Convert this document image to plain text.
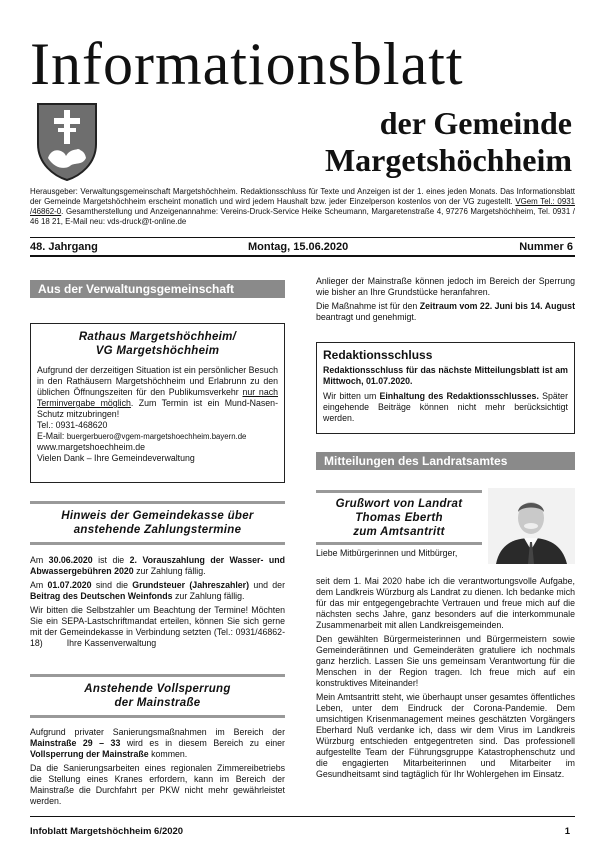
Informationsblatt
der Gemeinde
Margetshöchheim
Herausgeber: Verwaltungsgemeinschaft Margetshöchheim. Redaktionsschluss für Texte und Anzeigen ist der 1. eines jeden Monats. Das Informationsblatt der Gemeinde Margetshöchheim erscheint monatlich und wird jedem Haushalt bzw. jeder Einzelperson kostenlos von der VG zugestellt. VGem Tel.: 0931 /46862-0. Gesamtherstellung und Anzeigenannahme: Vereins-Druck-Service Heike Scheumann, Margaretenstraße 4, 97276 Margetshöchheim, Tel. 0931 / 46 18 21, E-Mail neu: vds-druck@t-online.de
48. Jahrgang	Montag, 15.06.2020	Nummer 6
Aus der Verwaltungsgemeinschaft
Rathaus Margetshöchheim/
VG Margetshöchheim
Aufgrund der derzeitigen Situation ist ein persönlicher Besuch in den Rathäusern Margetshöchheim und Erlabrunn zu den üblichen Öffnungszeiten für den Publikumsverkehr nur nach Terminvergabe möglich. Zum Termin ist ein Mund-Nasen-Schutz mitzubringen!
Tel.: 0931-468620
E-Mail: buergerbuero@vgem-margetshoechheim.bayern.de
www.margetshoechheim.de
Vielen Dank – Ihre Gemeindeverwaltung
Hinweis der Gemeindekasse über
anstehende Zahlungstermine

Am 30.06.2020 ist die 2. Vorauszahlung der Wasser- und Abwassergebühren 2020 zur Zahlung fällig.

Am 01.07.2020 sind die Grundsteuer (Jahreszahler) und der Beitrag des Deutschen Weinfonds zur Zahlung fällig.

Wir bitten die Selbstzahler um Beachtung der Termine! Möchten Sie ein SEPA-Lastschriftmandat erteilen, können Sie sich gerne mit der Gemeindekasse in Verbindung setzten (Tel.: 0931/46862-18)	Ihre Kassenverwaltung

Anstehende Vollsperrung
der Mainstraße

Aufgrund privater Sanierungsmaßnahmen im Bereich der Mainstraße 29 – 33 wird es in diesem Bereich zu einer Vollsperrung der Mainstraße kommen.

Da die Sanierungsarbeiten eines regionalen Zimmereibetriebs die Stellung eines Kranes erfordern, kann im Bereich der Mainstraße die Durchfahrt per PKW nicht mehr gewährleistet werden.

Anlieger der Mainstraße können jedoch im Bereich der Sperrung wie bisher an Ihre Grundstücke heranfahren.

Die Maßnahme ist für den Zeitraum vom 22. Juni bis 14. August beantragt und genehmigt.

Redaktionsschluss
Redaktionsschluss für das nächste Mitteilungsblatt ist am Mittwoch, 01.07.2020.
Wir bitten um Einhaltung des Redaktionsschlusses. Später eingehende Beiträge können nicht mehr berücksichtigt werden.
Mitteilungen des Landratsamtes
Grußwort von Landrat
Thomas Eberth
zum Amtsantritt
Liebe Mitbürgerinnen und Mitbürger,

seit dem 1. Mai 2020 habe ich die verantwortungsvolle Aufgabe, dem Landkreis Würzburg als Landrat zu dienen. Ich bedanke mich für das mir entgegengebrachte Vertrauen und freue mich auf die nächsten sechs Jahre, ganz besonders auf die interkommunale Zusammenarbeit mit allen Landkreisgemeinden.

Den gewählten Bürgermeisterinnen und Bürgermeistern sowie Gemeinderätinnen und Gemeinderäten gratuliere ich nochmals ganz herzlich. Lassen Sie uns gemeinsam Verantwortung für die Menschen in der Region tragen. Ich freue mich auf ein konstruktives Miteinander!

Mein Amtsantritt steht, wie überhaupt unser gesamtes öffentliches Leben, unter dem Eindruck der Corona-Pandemie. Dem umsichtigen Krisenmanagement meines geschätzten Vorgängers Eberhard Nuß verdanke ich, dass wir dem Virus im Landkreis Würzburg entschieden entgegentreten sind. Das professionell aufgestellte Team der Führungsgruppe Katastrophenschutz und die engagierten Mitarbeiterinnen und Mitarbeiter im Gesundheitsamt sind tagtäglich für Ihr Wohlergehen im Einsatz.

Infoblatt Margetshöchheim 6/2020	1
